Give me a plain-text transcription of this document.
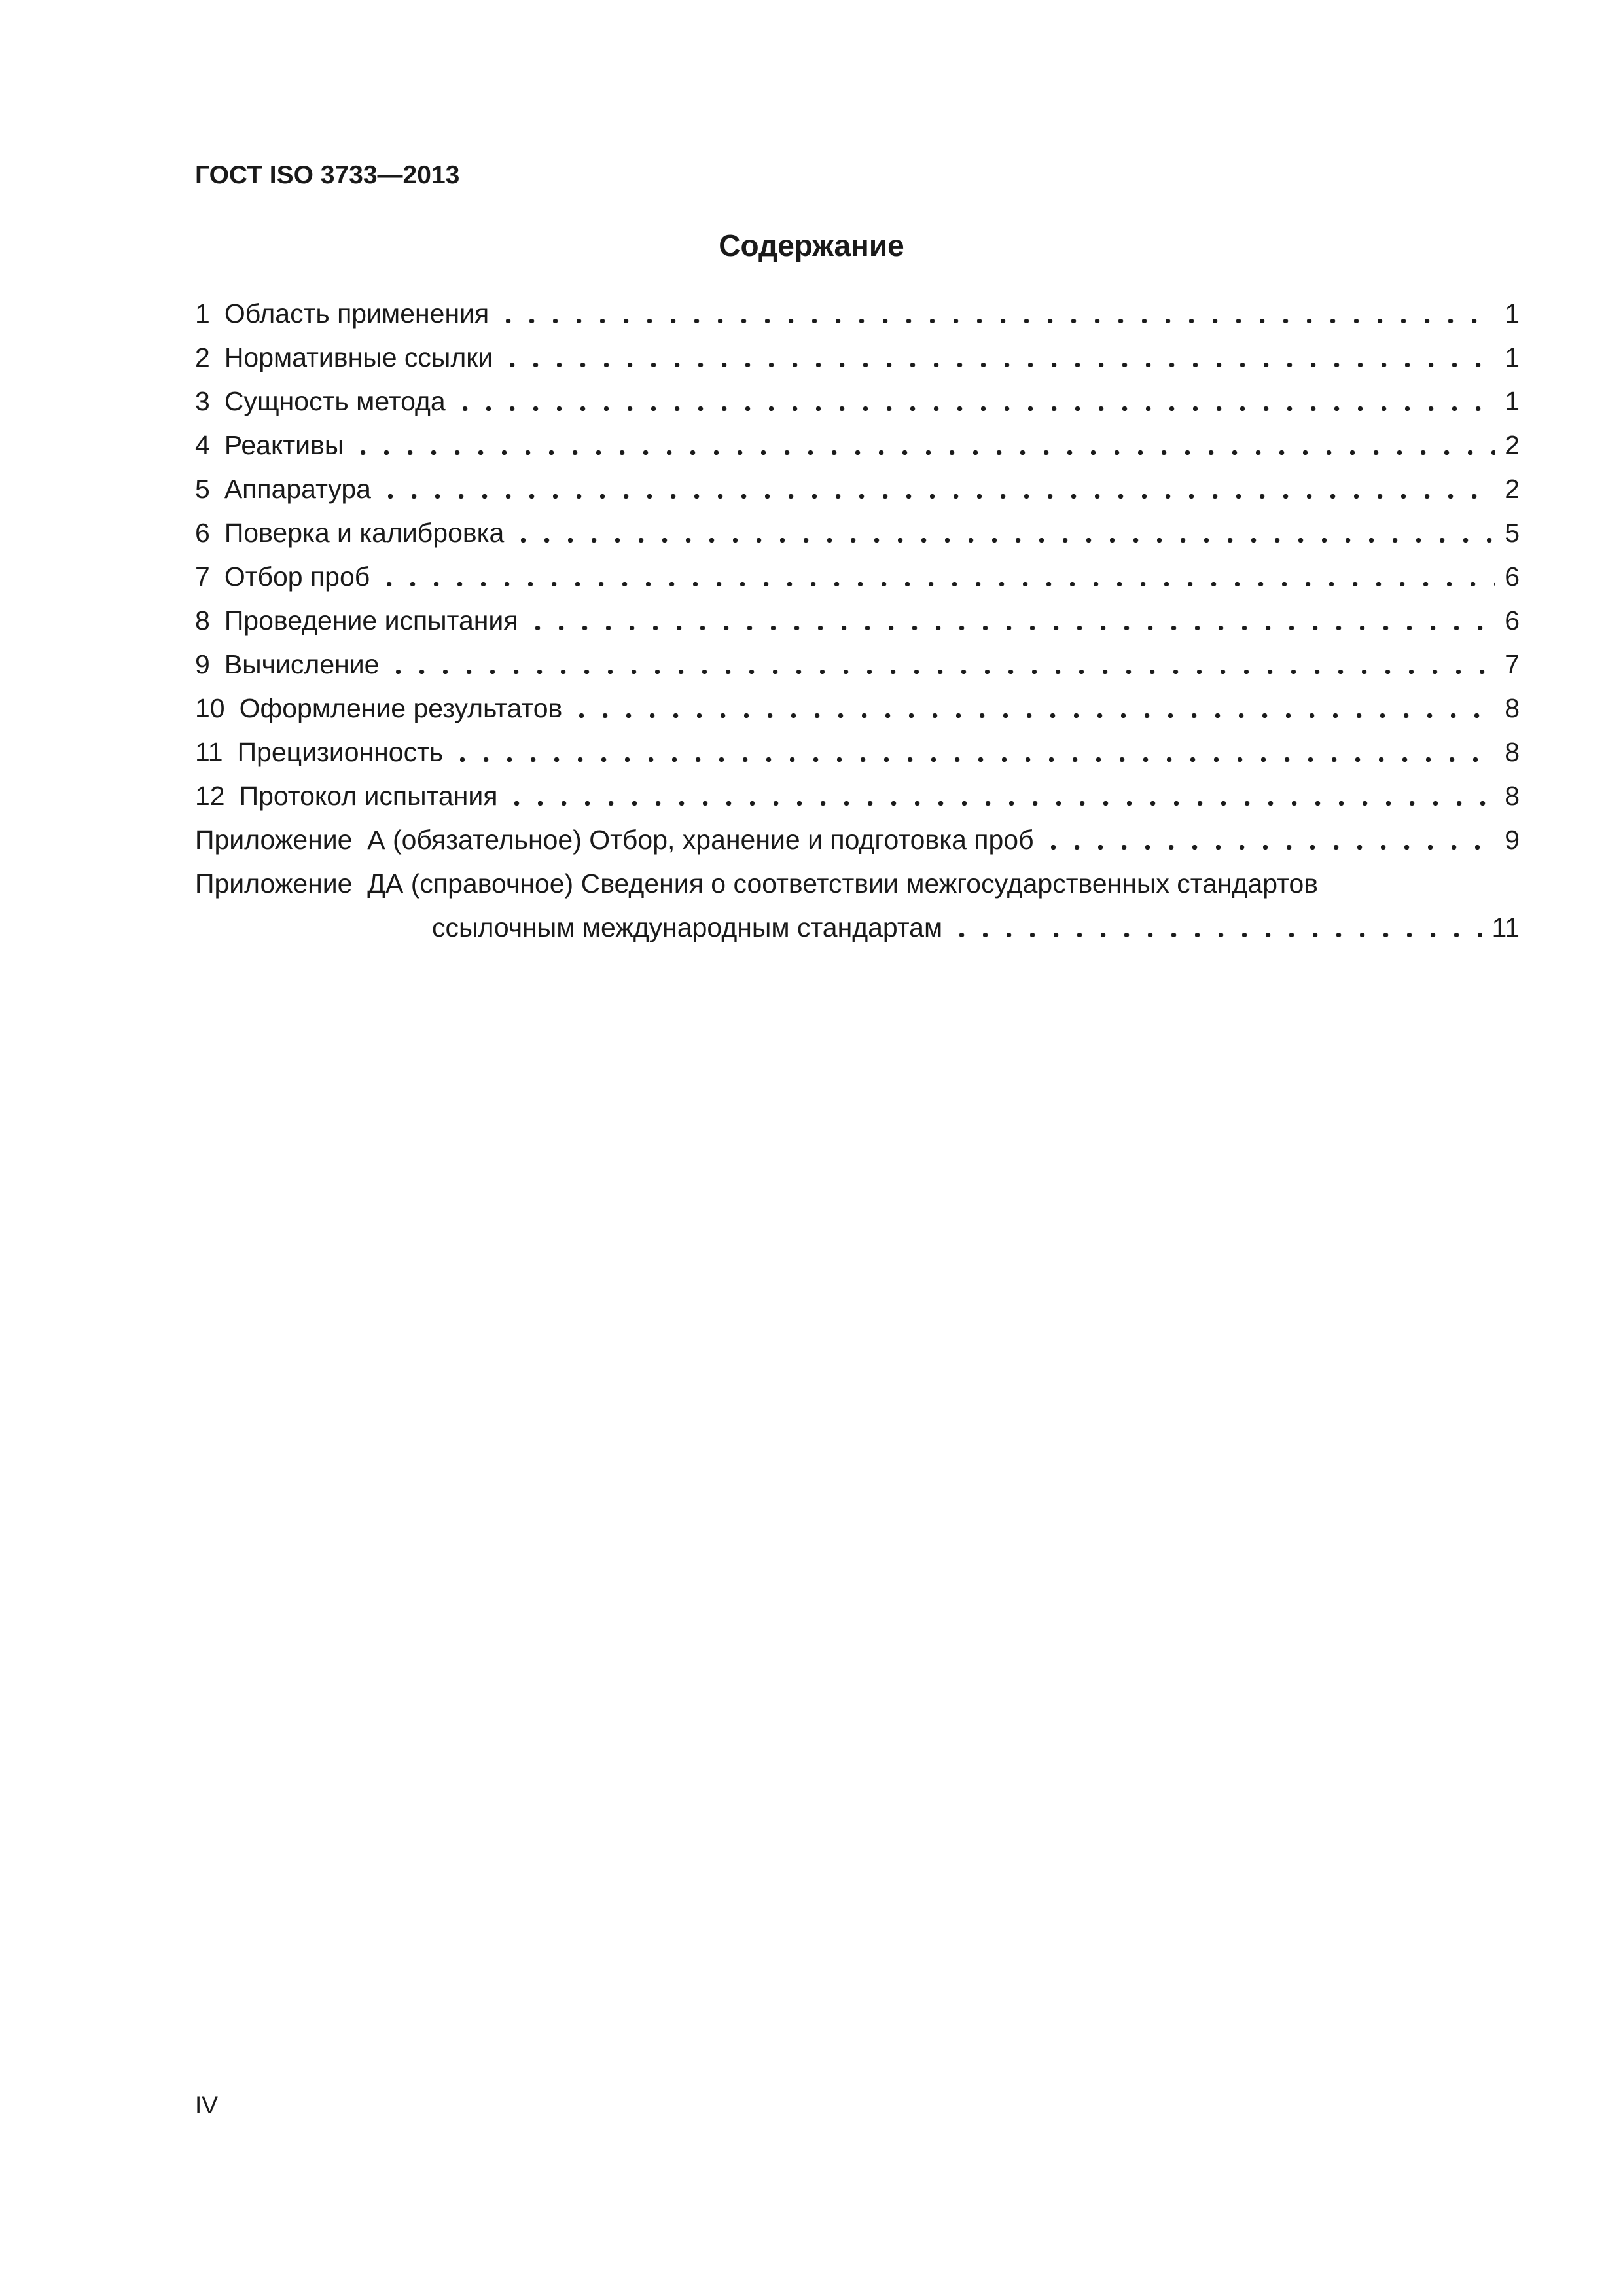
ГОСТ ISO 3733—2013
Содержание
1 Область применения	1
2 Нормативные ссылки	1
3 Сущность метода	1
4 Реактивы	2
5 Аппаратура	2
6 Поверка и калибровка	5
7 Отбор проб	6
8 Проведение испытания	6
9 Вычисление	7
10 Оформление результатов	8
11 Прецизионность	8
12 Протокол испытания	8
Приложение  А (обязательное) Отбор, хранение и подготовка проб	9
Приложение  ДА (справочное) Сведения о соответствии межгосударственных стандартов
ссылочным международным стандартам	11
IV
